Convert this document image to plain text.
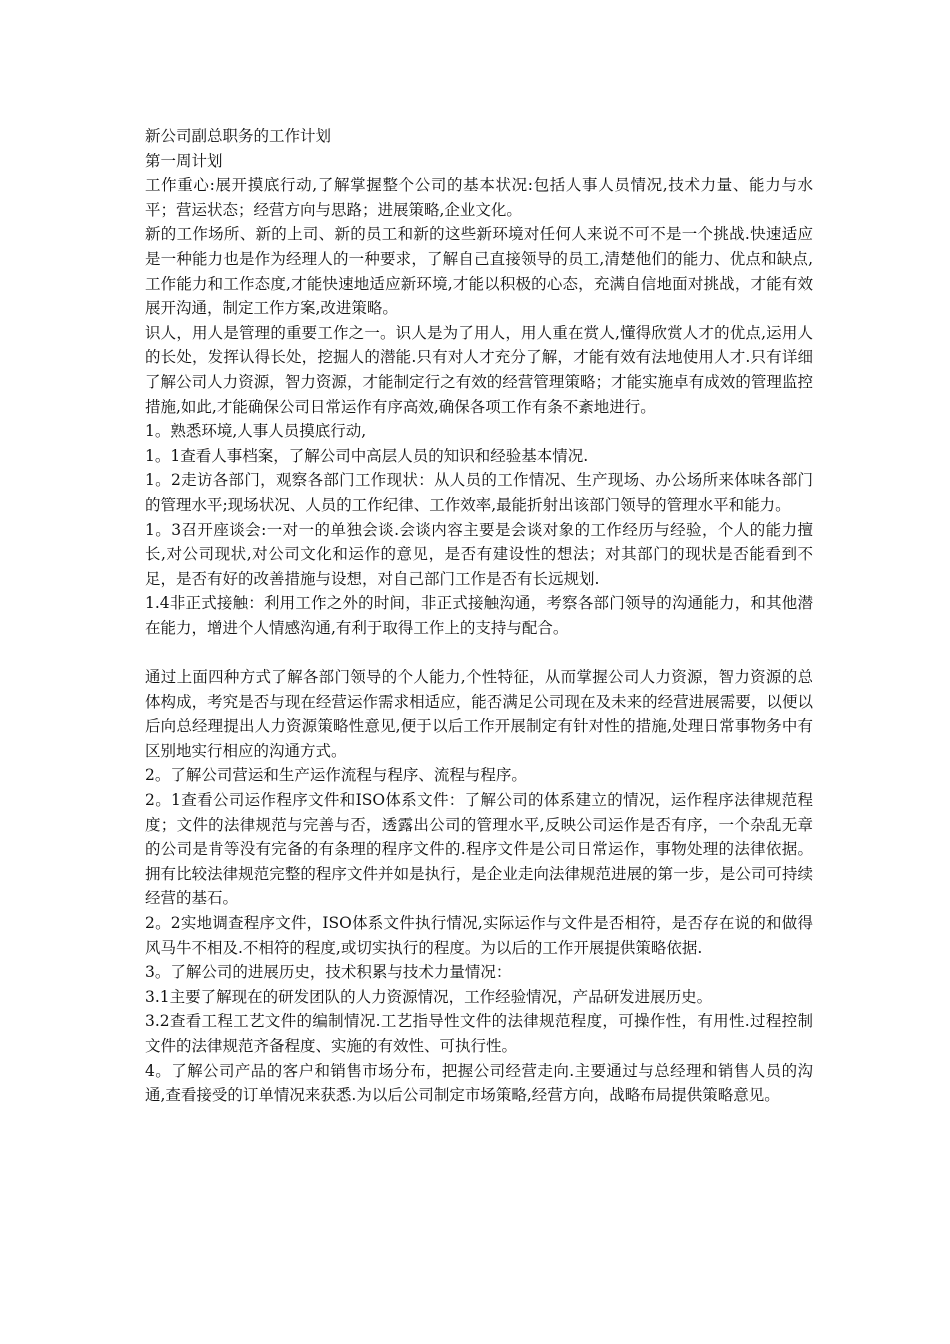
新公司副总职务的工作计划

第一周计划

工作重心:展开摸底行动,了解掌握整个公司的基本状况:包括人事人员情况,技术力量、能力与水平；营运状态；经营方向与思路；进展策略,企业文化。

新的工作场所、新的上司、新的员工和新的这些新环境对任何人来说不可不是一个挑战.快速适应是一种能力也是作为经理人的一种要求，了解自己直接领导的员工,清楚他们的能力、优点和缺点,工作能力和工作态度,才能快速地适应新环境,才能以积极的心态，充满自信地面对挑战，才能有效展开沟通，制定工作方案,改进策略。

识人，用人是管理的重要工作之一。识人是为了用人，用人重在赏人,懂得欣赏人才的优点,运用人的长处，发挥认得长处，挖掘人的潜能.只有对人才充分了解，才能有效有法地使用人才.只有详细了解公司人力资源，智力资源，才能制定行之有效的经营管理策略；才能实施卓有成效的管理监控措施,如此,才能确保公司日常运作有序高效,确保各项工作有条不紊地进行。

1。熟悉环境,人事人员摸底行动,

1。1查看人事档案，了解公司中高层人员的知识和经验基本情况.

1。2走访各部门，观察各部门工作现状：从人员的工作情况、生产现场、办公场所来体味各部门的管理水平;现场状况、人员的工作纪律、工作效率,最能折射出该部门领导的管理水平和能力。

1。3召开座谈会:一对一的单独会谈.会谈内容主要是会谈对象的工作经历与经验，个人的能力擅长,对公司现状,对公司文化和运作的意见，是否有建设性的想法；对其部门的现状是否能看到不足，是否有好的改善措施与设想，对自己部门工作是否有长远规划.

1.4非正式接触：利用工作之外的时间，非正式接触沟通，考察各部门领导的沟通能力，和其他潜在能力，增进个人情感沟通,有利于取得工作上的支持与配合。

通过上面四种方式了解各部门领导的个人能力,个性特征，从而掌握公司人力资源，智力资源的总体构成，考究是否与现在经营运作需求相适应，能否满足公司现在及未来的经营进展需要，以便以后向总经理提出人力资源策略性意见,便于以后工作开展制定有针对性的措施,处理日常事物务中有区别地实行相应的沟通方式。

2。了解公司营运和生产运作流程与程序、流程与程序。

2。1查看公司运作程序文件和ISO体系文件：了解公司的体系建立的情况，运作程序法律规范程度；文件的法律规范与完善与否，透露出公司的管理水平,反映公司运作是否有序，一个杂乱无章的公司是肯等没有完备的有条理的程序文件的.程序文件是公司日常运作，事物处理的法律依据。拥有比较法律规范完整的程序文件并如是执行，是企业走向法律规范进展的第一步，是公司可持续经营的基石。

2。2实地调查程序文件，ISO体系文件执行情况,实际运作与文件是否相符，是否存在说的和做得风马牛不相及.不相符的程度,或切实执行的程度。为以后的工作开展提供策略依据.

3。了解公司的进展历史，技术积累与技术力量情况：

3.1主要了解现在的研发团队的人力资源情况，工作经验情况，产品研发进展历史。

3.2查看工程工艺文件的编制情况.工艺指导性文件的法律规范程度，可操作性，有用性.过程控制文件的法律规范齐备程度、实施的有效性、可执行性。

4。了解公司产品的客户和销售市场分布，把握公司经营走向.主要通过与总经理和销售人员的沟通,查看接受的订单情况来获悉.为以后公司制定市场策略,经营方向，战略布局提供策略意见。
